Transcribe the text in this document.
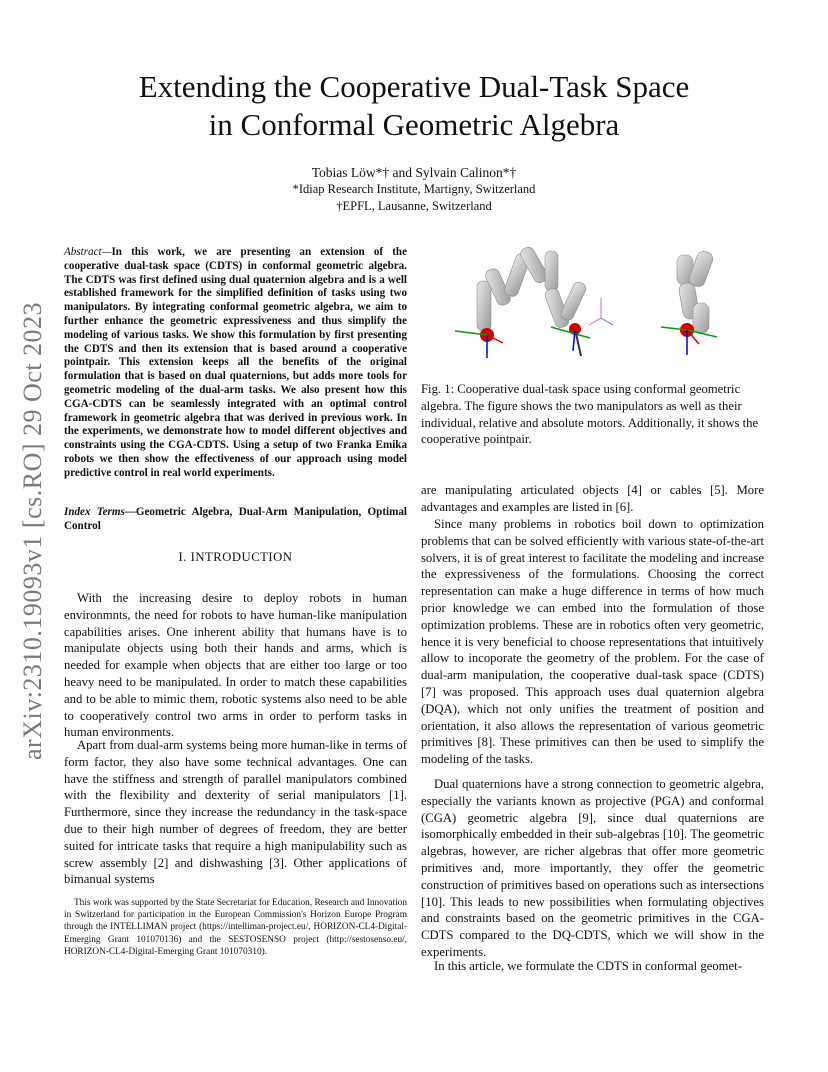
Extending the Cooperative Dual-Task Space
in Conformal Geometric Algebra
Tobias Löw*† and Sylvain Calinon*†
*Idiap Research Institute, Martigny, Switzerland
†EPFL, Lausanne, Switzerland
arXiv:2310.19093v1 [cs.RO] 29 Oct 2023
Abstract—In this work, we are presenting an extension of the cooperative dual-task space (CDTS) in conformal geometric algebra. The CDTS was first defined using dual quaternion algebra and is a well established framework for the simplified definition of tasks using two manipulators. By integrating conformal geometric algebra, we aim to further enhance the geometric expressiveness and thus simplify the modeling of various tasks. We show this formulation by first presenting the CDTS and then its extension that is based around a cooperative pointpair. This extension keeps all the benefits of the original formulation that is based on dual quaternions, but adds more tools for geometric modeling of the dual-arm tasks. We also present how this CGA-CDTS can be seamlessly integrated with an optimal control framework in geometric algebra that was derived in previous work. In the experiments, we demonstrate how to model different objectives and constraints using the CGA-CDTS. Using a setup of two Franka Emika robots we then show the effectiveness of our approach using model predictive control in real world experiments.
Index Terms—Geometric Algebra, Dual-Arm Manipulation, Optimal Control
I. INTRODUCTION
With the increasing desire to deploy robots in human environmnts, the need for robots to have human-like manipulation capabilities arises. One inherent ability that humans have is to manipulate objects using both their hands and arms, which is needed for example when objects that are either too large or too heavy need to be manipulated. In order to match these capabilities and to be able to mimic them, robotic systems also need to be able to cooperatively control two arms in order to perform tasks in human environments.
Apart from dual-arm systems being more human-like in terms of form factor, they also have some technical advantages. One can have the stiffness and strength of parallel manipulators combined with the flexibility and dexterity of serial manipulators [1]. Furthermore, since they increase the redundancy in the task-space due to their high number of degrees of freedom, they are better suited for intricate tasks that require a high manipulability such as screw assembly [2] and dishwashing [3]. Other applications of bimanual systems
This work was supported by the State Secretariat for Education, Research and Innovation in Switzerland for participation in the European Commission's Horizon Europe Program through the INTELLIMAN project (https://intelliman-project.eu/, HORIZON-CL4-Digital-Emerging Grant 101070136) and the SESTOSENSO project (http://sestosenso.eu/, HORIZON-CL4-Digital-Emerging Grant 101070310).
Fig. 1: Cooperative dual-task space using conformal geometric algebra. The figure shows the two manipulators as well as their individual, relative and absolute motors. Additionally, it shows the cooperative pointpair.
are manipulating articulated objects [4] or cables [5]. More advantages and examples are listed in [6].
Since many problems in robotics boil down to optimization problems that can be solved efficiently with various state-of-the-art solvers, it is of great interest to facilitate the modeling and increase the expressiveness of the formulations. Choosing the correct representation can make a huge difference in terms of how much prior knowledge we can embed into the formulation of those optimization problems. These are in robotics often very geometric, hence it is very beneficial to choose representations that intuitively allow to incoporate the geometry of the problem. For the case of dual-arm manipulation, the cooperative dual-task space (CDTS) [7] was proposed. This approach uses dual quaternion algebra (DQA), which not only unifies the treatment of position and orientation, it also allows the representation of various geometric primitives [8]. These primitives can then be used to simplify the modeling of the tasks.
Dual quaternions have a strong connection to geometric algebra, especially the variants known as projective (PGA) and conformal (CGA) geometric algebra [9], since dual quaternions are isomorphically embedded in their sub-algebras [10]. The geometric algebras, however, are richer algebras that offer more geometric primitives and, more importantly, they offer the geometric construction of primitives based on operations such as intersections [10]. This leads to new possibilities when formulating objectives and constraints based on the geometric primitives in the CGA-CDTS compared to the DQ-CDTS, which we will show in the experiments.
In this article, we formulate the CDTS in conformal geomet-
